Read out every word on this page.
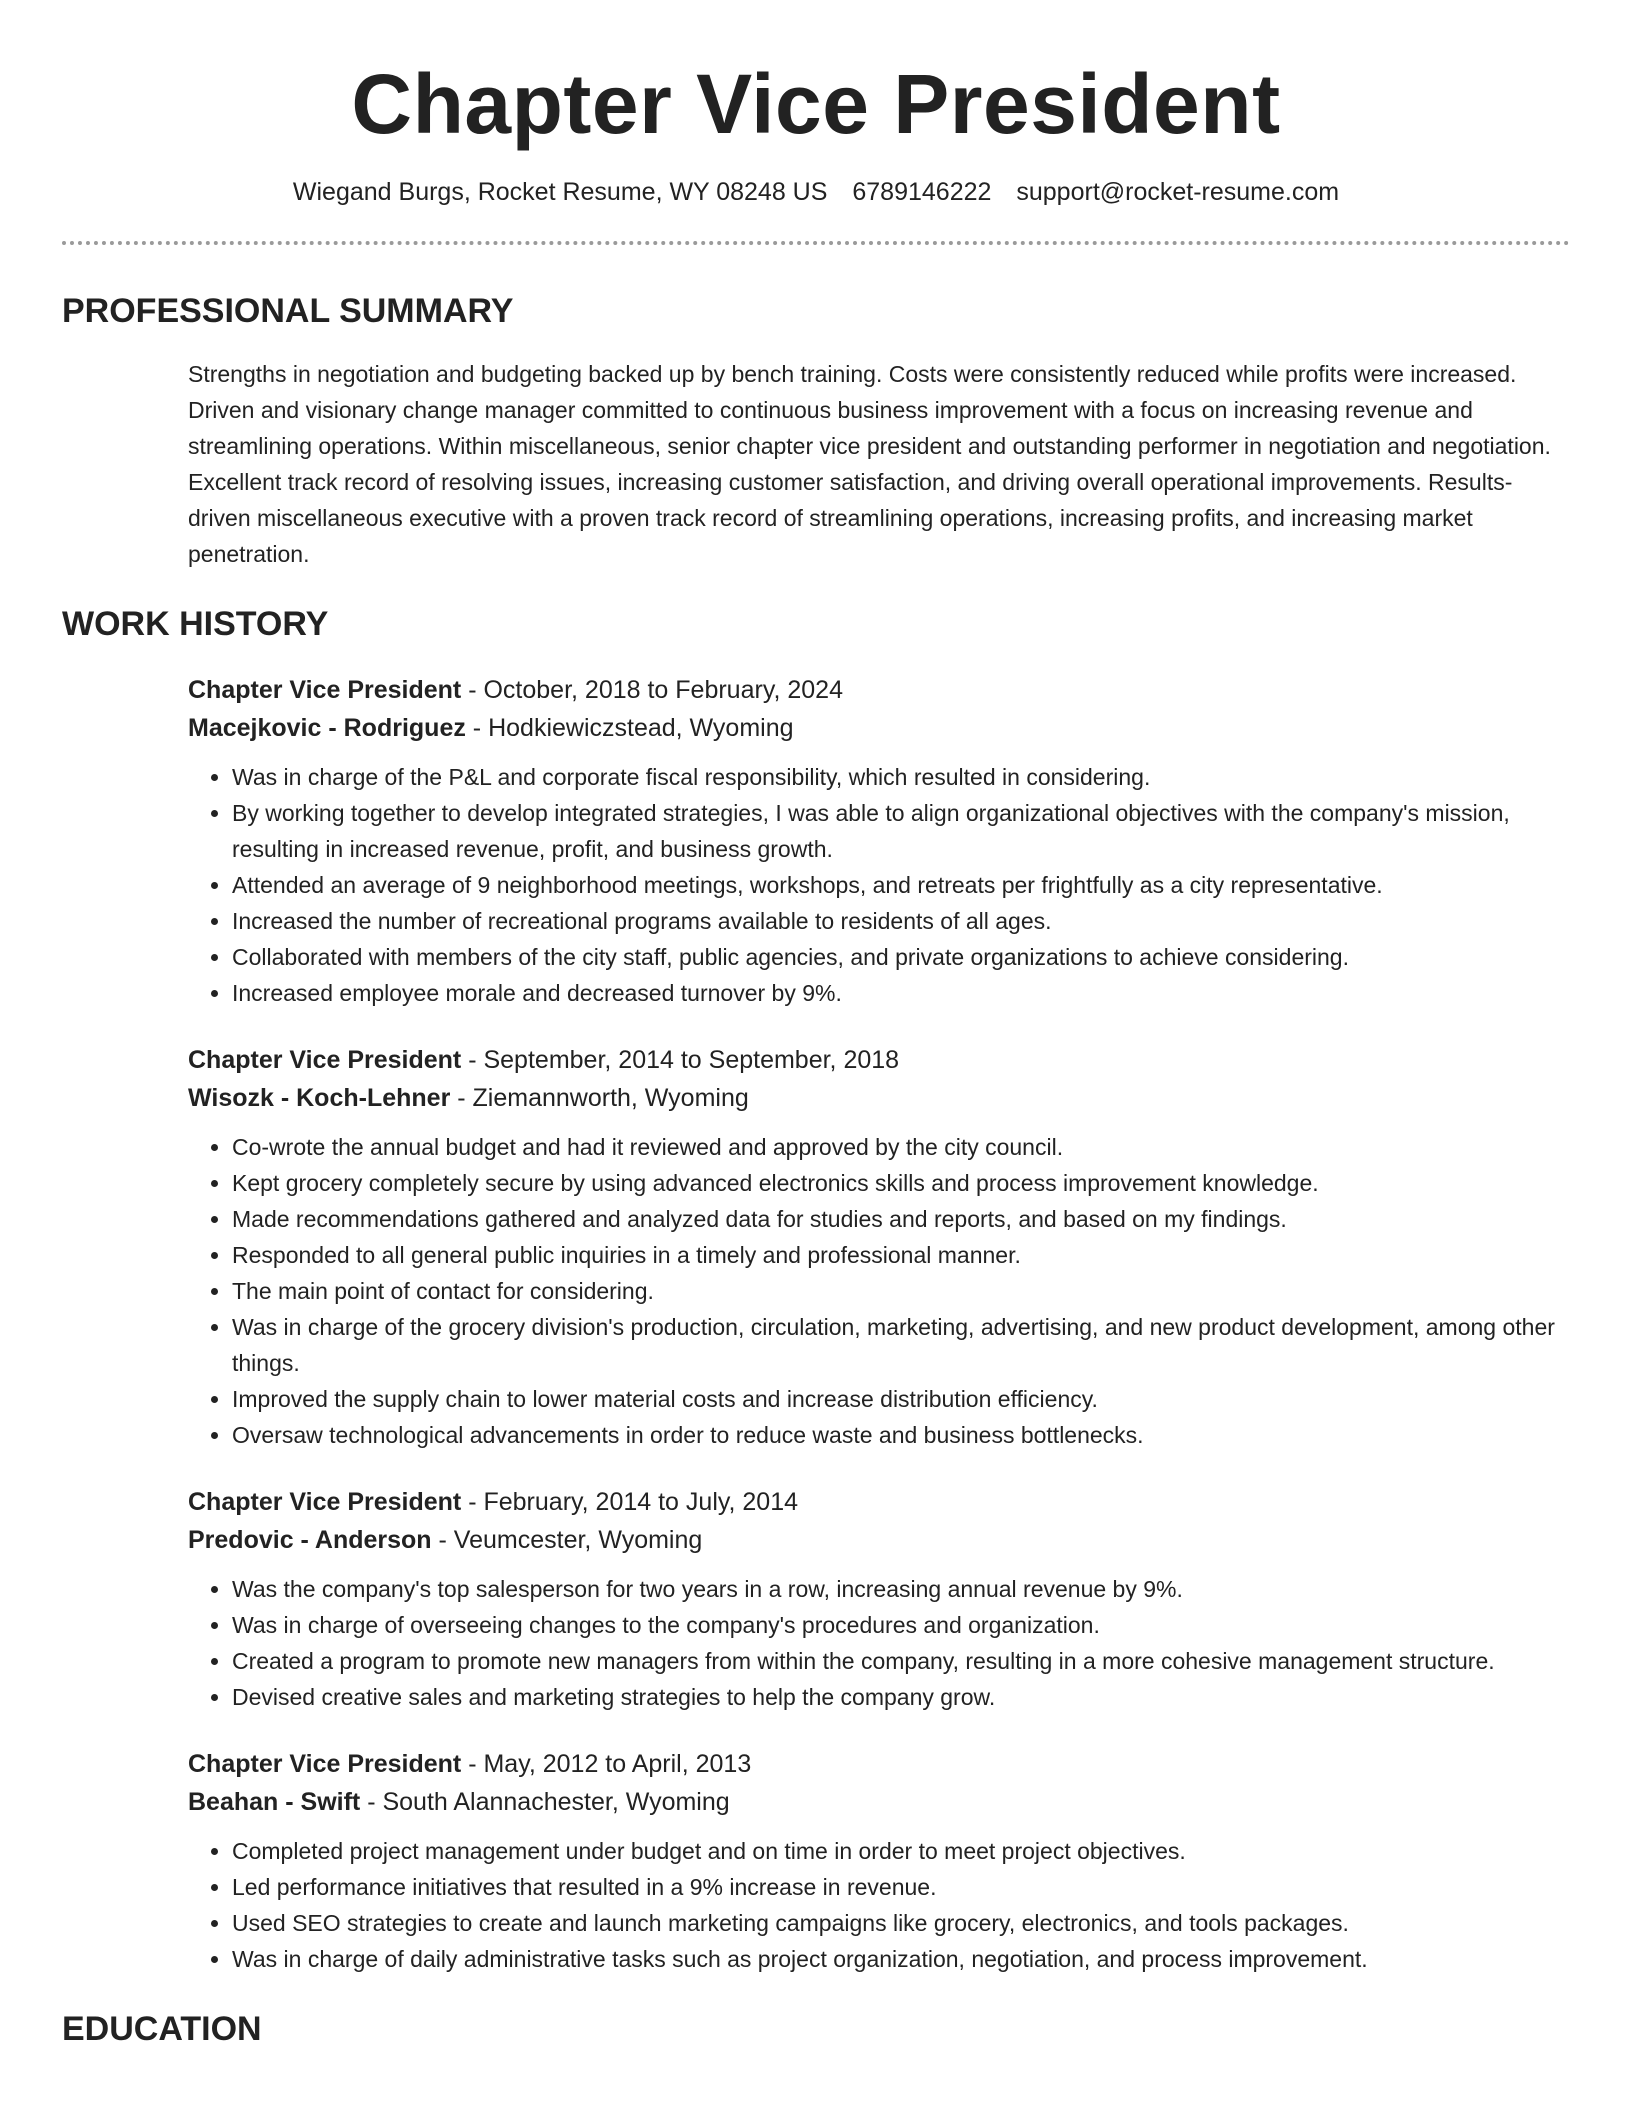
Chapter Vice President
Wiegand Burgs, Rocket Resume, WY 08248 US 6789146222 support@rocket-resume.com
PROFESSIONAL SUMMARY

Strengths in negotiation and budgeting backed up by bench training. Costs were consistently reduced while profits were increased. Driven and visionary change manager committed to continuous business improvement with a focus on increasing revenue and streamlining operations. Within miscellaneous, senior chapter vice president and outstanding performer in negotiation and negotiation. Excellent track record of resolving issues, increasing customer satisfaction, and driving overall operational improvements. Results-driven miscellaneous executive with a proven track record of streamlining operations, increasing profits, and increasing market penetration.

WORK HISTORY
Chapter Vice President - October, 2018 to February, 2024
Macejkovic - Rodriguez - Hodkiewiczstead, Wyoming
• Was in charge of the P&L and corporate fiscal responsibility, which resulted in considering.
• By working together to develop integrated strategies, I was able to align organizational objectives with the company's mission, resulting in increased revenue, profit, and business growth.
• Attended an average of 9 neighborhood meetings, workshops, and retreats per frightfully as a city representative.
• Increased the number of recreational programs available to residents of all ages.
• Collaborated with members of the city staff, public agencies, and private organizations to achieve considering.
• Increased employee morale and decreased turnover by 9%.
Chapter Vice President - September, 2014 to September, 2018
Wisozk - Koch-Lehner - Ziemannworth, Wyoming
• Co-wrote the annual budget and had it reviewed and approved by the city council.
• Kept grocery completely secure by using advanced electronics skills and process improvement knowledge.
• Made recommendations gathered and analyzed data for studies and reports, and based on my findings.
• Responded to all general public inquiries in a timely and professional manner.
• The main point of contact for considering.
• Was in charge of the grocery division's production, circulation, marketing, advertising, and new product development, among other things.
• Improved the supply chain to lower material costs and increase distribution efficiency.
• Oversaw technological advancements in order to reduce waste and business bottlenecks.
Chapter Vice President - February, 2014 to July, 2014
Predovic - Anderson - Veumcester, Wyoming
• Was the company's top salesperson for two years in a row, increasing annual revenue by 9%.
• Was in charge of overseeing changes to the company's procedures and organization.
• Created a program to promote new managers from within the company, resulting in a more cohesive management structure.
• Devised creative sales and marketing strategies to help the company grow.
Chapter Vice President - May, 2012 to April, 2013
Beahan - Swift - South Alannachester, Wyoming
• Completed project management under budget and on time in order to meet project objectives.
• Led performance initiatives that resulted in a 9% increase in revenue.
• Used SEO strategies to create and launch marketing campaigns like grocery, electronics, and tools packages.
• Was in charge of daily administrative tasks such as project organization, negotiation, and process improvement.
EDUCATION
